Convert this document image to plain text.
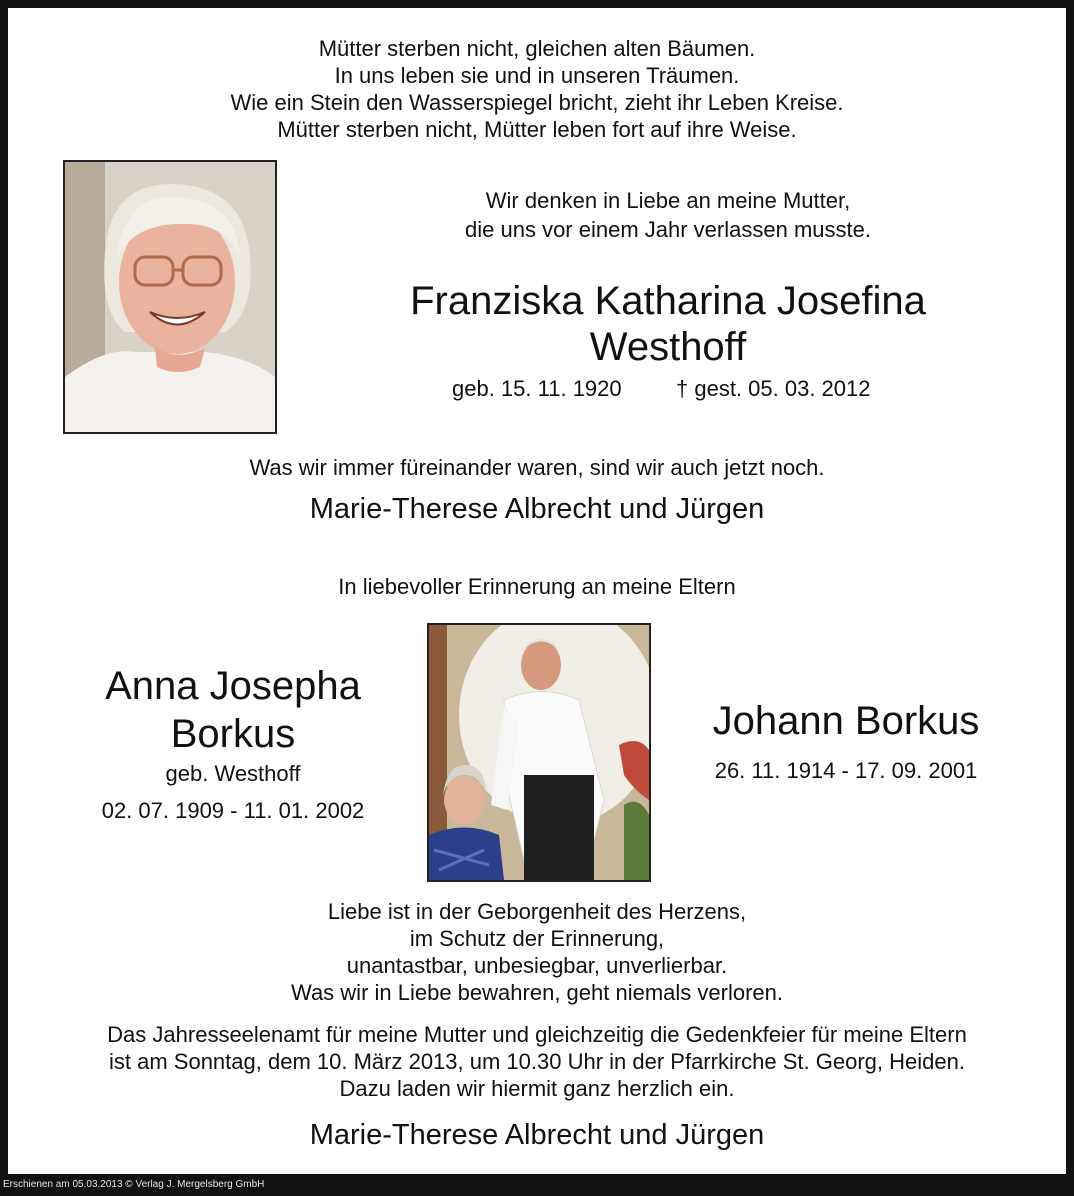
Mütter sterben nicht, gleichen alten Bäumen.
In uns leben sie und in unseren Träumen.
Wie ein Stein den Wasserspiegel bricht, zieht ihr Leben Kreise.
Mütter sterben nicht, Mütter leben fort auf ihre Weise.
Wir denken in Liebe an meine Mutter,
die uns vor einem Jahr verlassen musste.
Franziska Katharina Josefina
Westhoff
geb. 15. 11. 1920 † gest. 05. 03. 2012
Was wir immer füreinander waren, sind wir auch jetzt noch.
Marie-Therese Albrecht und Jürgen
In liebevoller Erinnerung an meine Eltern
Anna Josepha
Borkus
geb. Westhoff
02. 07. 1909 - 11. 01. 2002
Johann Borkus
26. 11. 1914 - 17. 09. 2001
Liebe ist in der Geborgenheit des Herzens,
im Schutz der Erinnerung,
unantastbar, unbesiegbar, unverlierbar.
Was wir in Liebe bewahren, geht niemals verloren.
Das Jahresseelenamt für meine Mutter und gleichzeitig die Gedenkfeier für meine Eltern
ist am Sonntag, dem 10. März 2013, um 10.30 Uhr in der Pfarrkirche St. Georg, Heiden.
Dazu laden wir hiermit ganz herzlich ein.
Marie-Therese Albrecht und Jürgen
Erschienen am 05.03.2013 © Verlag J. Mergelsberg GmbH
